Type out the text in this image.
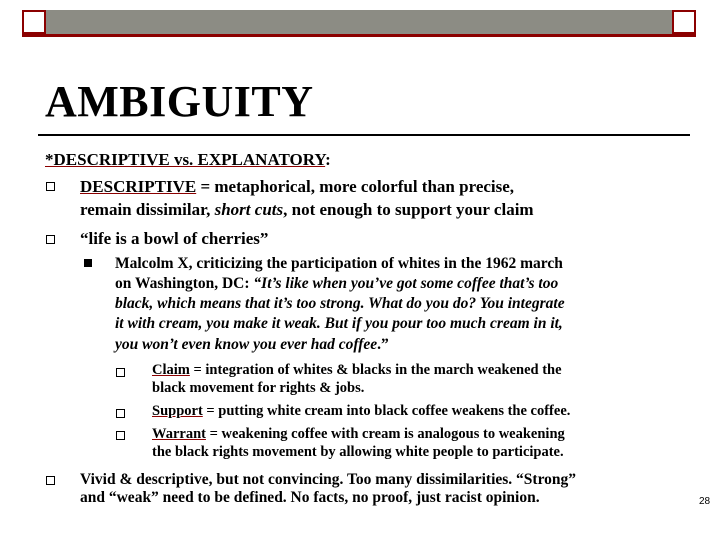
AMBIGUITY
*DESCRIPTIVE vs. EXPLANATORY:
DESCRIPTIVE = metaphorical, more colorful than precise,
remain dissimilar, short cuts, not enough to support your claim
“life is a bowl of cherries”
Malcolm X, criticizing the participation of whites in the 1962 march
on Washington, DC: “It’s like when you’ve got some coffee that’s too
black, which means that it’s too strong. What do you do? You integrate
it with cream, you make it weak. But if you pour too much cream in it,
you won’t even know you ever had coffee.”
Claim = integration of whites & blacks in the march weakened the
black movement for rights & jobs.
Support = putting white cream into black coffee weakens the coffee.
Warrant = weakening coffee with cream is analogous to weakening
the black rights movement by allowing white people to participate.
Vivid & descriptive, but not convincing. Too many dissimilarities. “Strong”
and “weak” need to be defined. No facts, no proof, just racist opinion.	28
